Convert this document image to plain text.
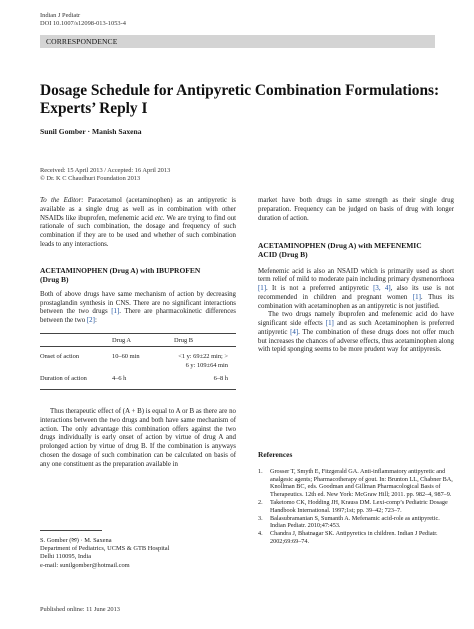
Indian J Pediatr
DOI 10.1007/s12098-013-1053-4
CORRESPONDENCE
Dosage Schedule for Antipyretic Combination Formulations:
Experts’ Reply I
Sunil Gomber · Manish Saxena
Received: 15 April 2013 / Accepted: 16 April 2013
© Dr. K C Chaudhuri Foundation 2013

To the Editor: Paracetamol (acetaminophen) as an antipyretic is available as a single drug as well as in combination with other NSAIDs like ibuprofen, mefenemic acid etc. We are trying to find out rationale of such combination, the dosage and frequency of such combination if they are to be used and whether of such combination leads to any interactions.

ACETAMINOPHEN (Drug A) with IBUPROFEN
(Drug B)

Both of above drugs have same mechanism of action by decreasing prostaglandin synthesis in CNS. There are no significant interactions between the two drugs [1]. There are pharmacokinetic differences between the two [2]:

	Drug A	Drug B
Onset of action	10–60 min	<1 y: 69±22 min; >
6 y: 109±64 min

Duration of action	4–6 h	6–8 h

Thus therapeutic effect of (A + B) is equal to A or B as there are no interactions between the two drugs and both have same mechanism of action. The only advantage this combination offers against the two drugs individually is early onset of action by virtue of drug A and prolonged action by virtue of drug B. If the combination is anyways chosen the dosage of such combination can be calculated on basis of any one constituent as the preparation available in

S. Gomber (✉) · M. Saxena
Department of Pediatrics, UCMS & GTB Hospital
Delhi 110095, India
e-mail: sunilgomber@hotmail.com
Published online: 11 June 2013

market have both drugs in same strength as their single drug preparation. Frequency can be judged on basis of drug with longer duration of action.

ACETAMINOPHEN (Drug A) with MEFENEMIC
ACID (Drug B)

Mefenemic acid is also an NSAID which is primarily used as short term relief of mild to moderate pain including primary dysmenorrhoea [1]. It is not a preferred antipyretic [3, 4], also its use is not recommended in children and pregnant women [1]. Thus its combination with acetaminophen as an antipyretic is not justified.

The two drugs namely ibuprofen and mefenemic acid do have significant side effects [1] and as such Acetaminophen is preferred antipyretic [4]. The combination of these drugs does not offer much but increases the chances of adverse effects, thus acetaminophen along with tepid sponging seems to be more prudent way for antipyresis.

References
1. Grosser T, Smyth E, Fitzgerald GA. Anti-inflammatory antipyretic and analgesic agents; Pharmacotherapy of gout. In: Brunton LL, Chabner BA, Knollman BC, eds. Goodman and Gillman Pharmacological Basis of Therapeutics. 12th ed. New York: McGraw Hill; 2011. pp. 982–4, 987–9.
2. Taketomo CK, Hodding JH, Krauss DM. Lexi-comp’s Pediatric Dosage Handbook International. 1997;1st; pp. 39–42; 723–7.
3. Balasubramanian S, Sumanth A. Mefenamic acid-role as antipyretic. Indian Pediatr. 2010;47:453.
4. Chandra J, Bhatnagar SK. Antipyretics in children. Indian J Pediatr. 2002;69:69–74.
